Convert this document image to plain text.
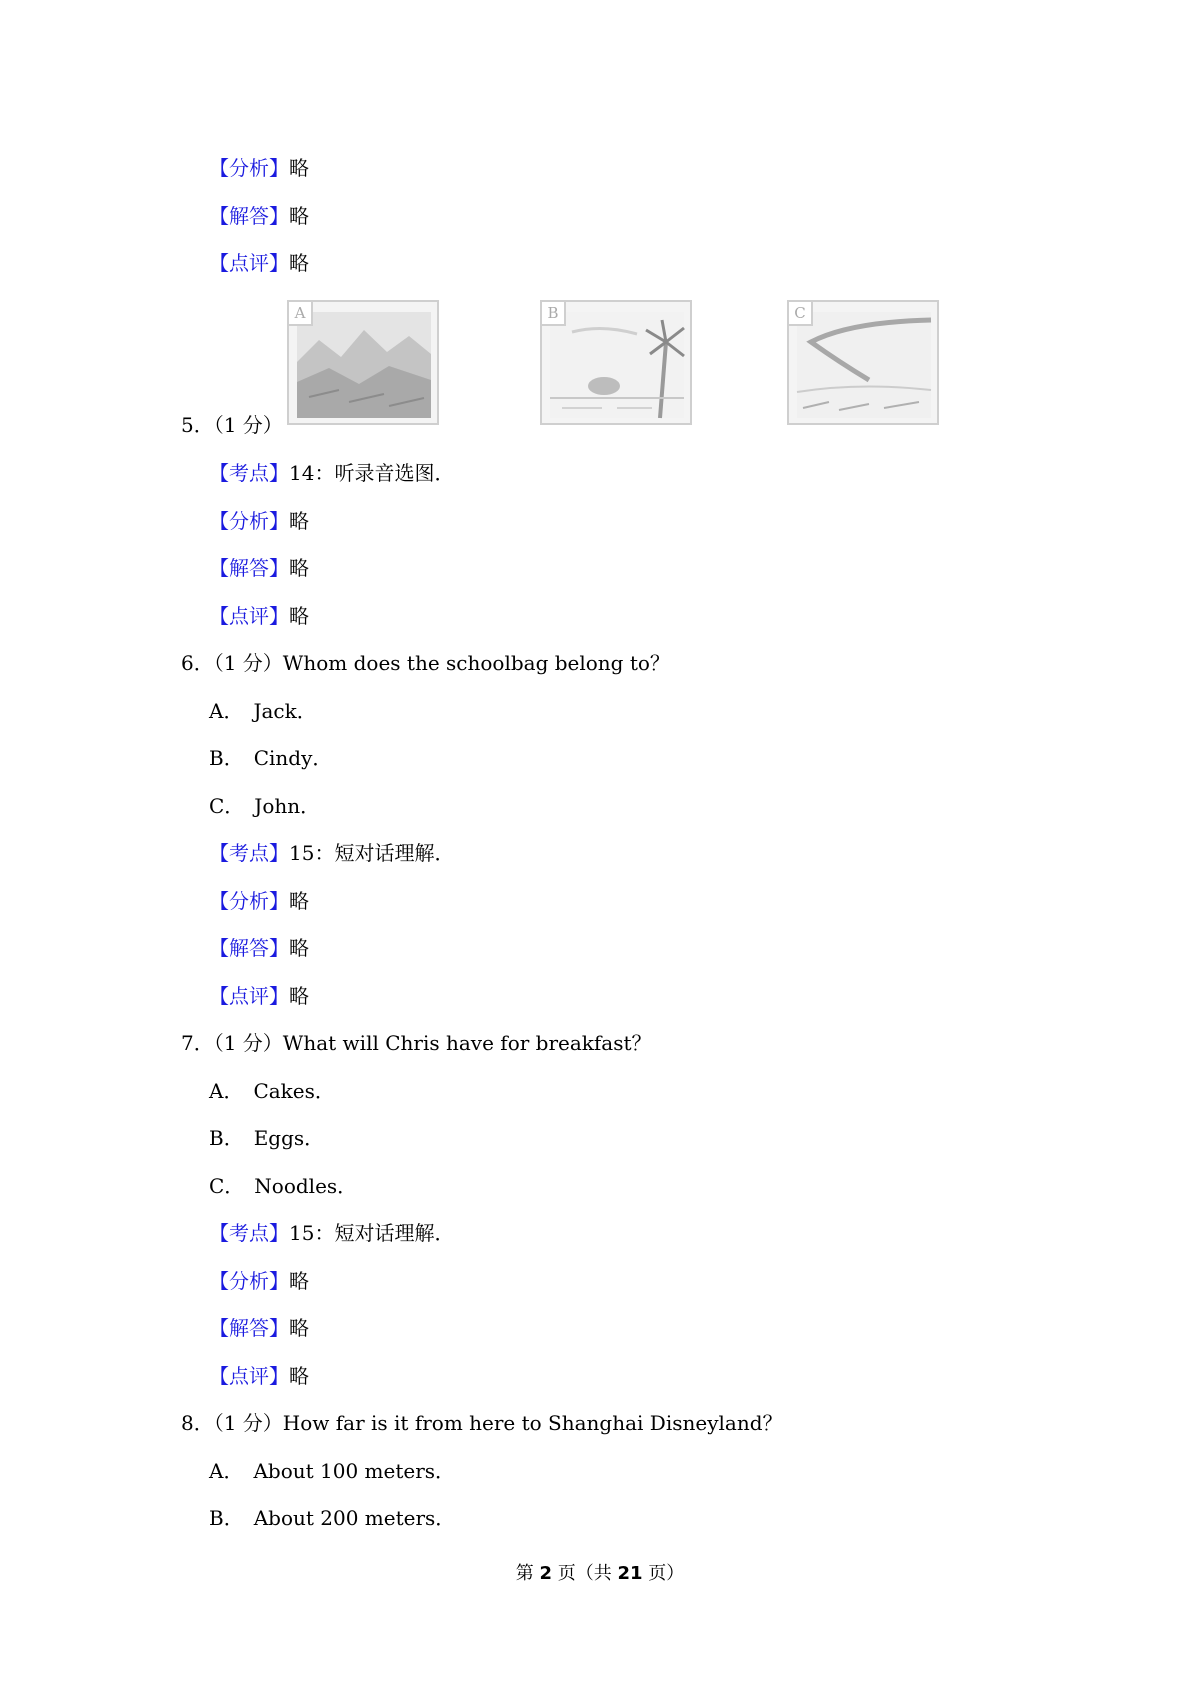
【分析】略
【解答】略
【点评】略
A	B	C
5．（1 分）
【考点】14：听录音选图．
【分析】略
【解答】略
【点评】略
6．（1 分）Whom does the schoolbag belong to？
A．　Jack．
B．　Cindy．
C．　John．
【考点】15：短对话理解．
【分析】略
【解答】略
【点评】略
7．（1 分）What will Chris have for breakfast？
A．　Cakes．
B．　Eggs．
C．　Noodles．
【考点】15：短对话理解．
【分析】略
【解答】略
【点评】略
8．（1 分）How far is it from here to Shanghai Disneyland？
A．　About 100 meters．
B．　About 200 meters．
第 2 页（共 21 页）
